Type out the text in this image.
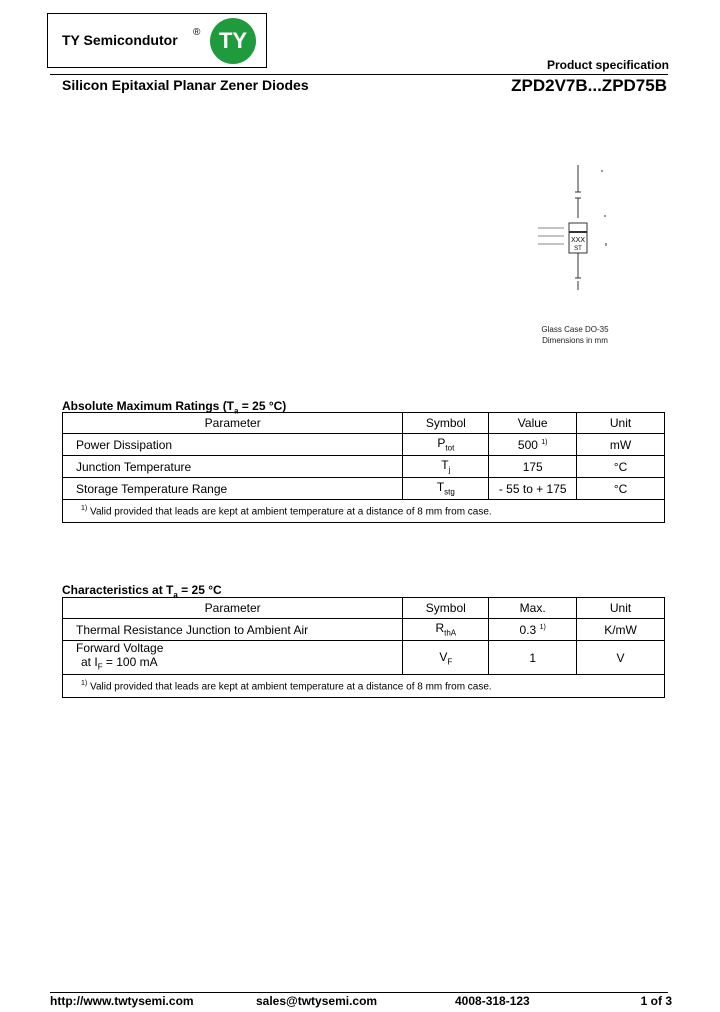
TY Semicondutor ® TY
Product specification
Silicon Epitaxial Planar Zener Diodes	ZPD2V7B...ZPD75B
XXX
ST
Glass Case DO-35
Dimensions in mm
Absolute Maximum Ratings ($T_a = 25$ °C)
Parameter	Symbol	Value	Unit
Power Dissipation	$P_{tot}$	500 $^{1)}$	mW
Junction Temperature	$T_j$	175	°C
Storage Temperature Range	$T_{stg}$	- 55 to + 175	°C
$^{1)}$ Valid provided that leads are kept at ambient temperature at a distance of 8 mm from case.			
Characteristics at $T_a = 25$ °C
Parameter	Symbol	Max.	Unit
Thermal Resistance Junction to Ambient Air	$R_{thA}$	0.3 $^{1)}$	K/mW

Forward Voltage
at $I_F = 100$ mA	$V_F$	1	V
$^{1)}$ Valid provided that leads are kept at ambient temperature at a distance of 8 mm from case.			
http://www.twtysemi.com	sales@twtysemi.com	4008-318-123	1 of 3
